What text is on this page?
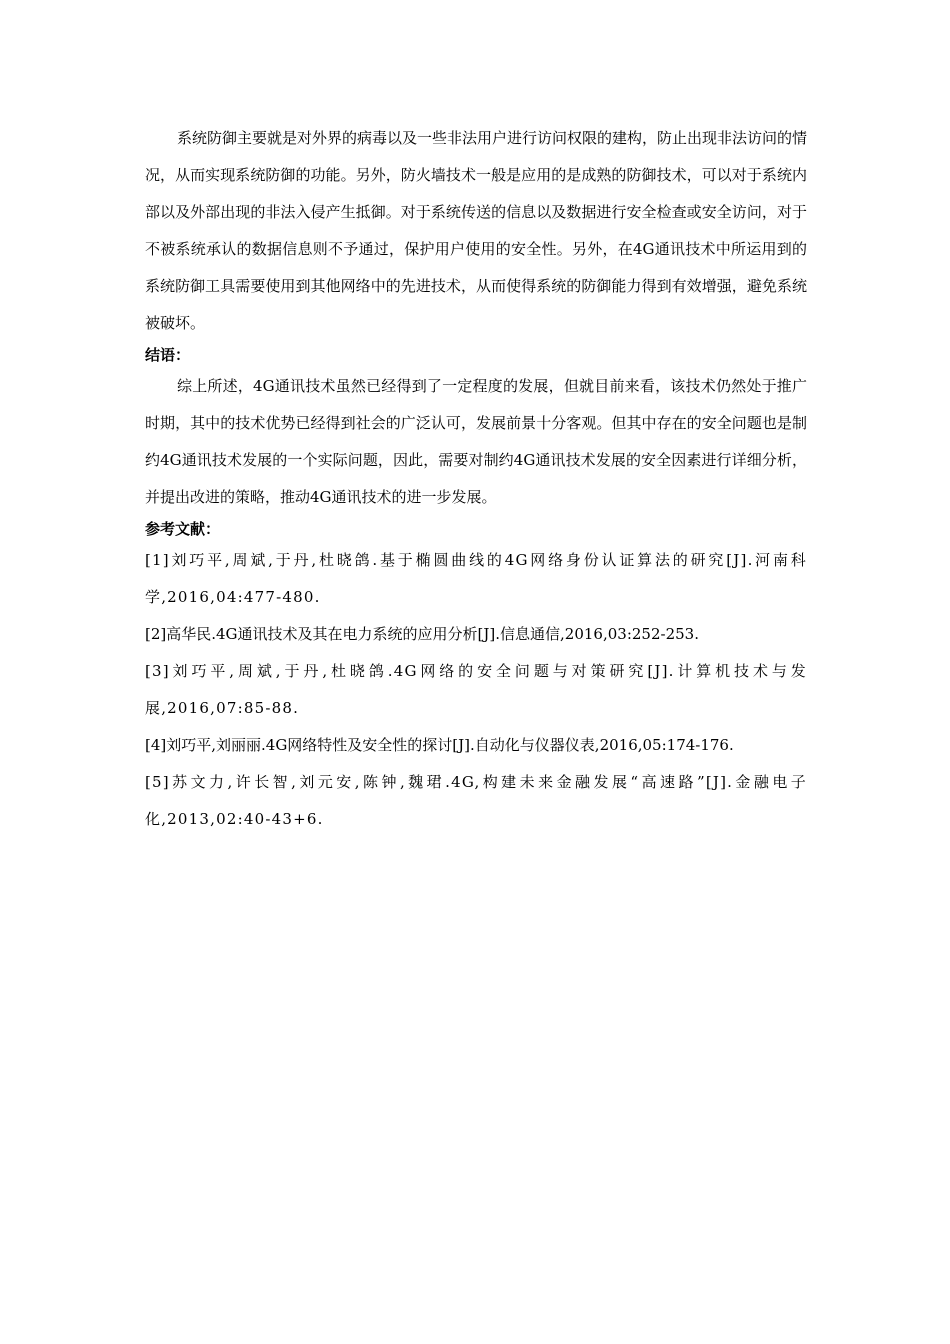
系统防御主要就是对外界的病毒以及一些非法用户进行访问权限的建构，防止出现非法访问的情况，从而实现系统防御的功能。另外，防火墙技术一般是应用的是成熟的防御技术，可以对于系统内部以及外部出现的非法入侵产生抵御。对于系统传送的信息以及数据进行安全检查或安全访问，对于不被系统承认的数据信息则不予通过，保护用户使用的安全性。另外，在4G通讯技术中所运用到的系统防御工具需要使用到其他网络中的先进技术，从而使得系统的防御能力得到有效增强，避免系统被破坏。

结语：

综上所述，4G通讯技术虽然已经得到了一定程度的发展，但就目前来看，该技术仍然处于推广时期，其中的技术优势已经得到社会的广泛认可，发展前景十分客观。但其中存在的安全问题也是制约4G通讯技术发展的一个实际问题，因此，需要对制约4G通讯技术发展的安全因素进行详细分析，并提出改进的策略，推动4G通讯技术的进一步发展。

参考文献：

[1]刘巧平,周斌,于丹,杜晓鸽.基于椭圆曲线的4G网络身份认证算法的研究[J].河南科学,2016,04:477-480.

[2]高华民.4G通讯技术及其在电力系统的应用分析[J].信息通信,2016,03:252-253.

[3]刘巧平,周斌,于丹,杜晓鸽.4G网络的安全问题与对策研究[J].计算机技术与发展,2016,07:85-88.

[4]刘巧平,刘丽丽.4G网络特性及安全性的探讨[J].自动化与仪器仪表,2016,05:174-176.

[5]苏文力,许长智,刘元安,陈钟,魏珺.4G,构建未来金融发展“高速路”[J].金融电子化,2013,02:40-43+6.
